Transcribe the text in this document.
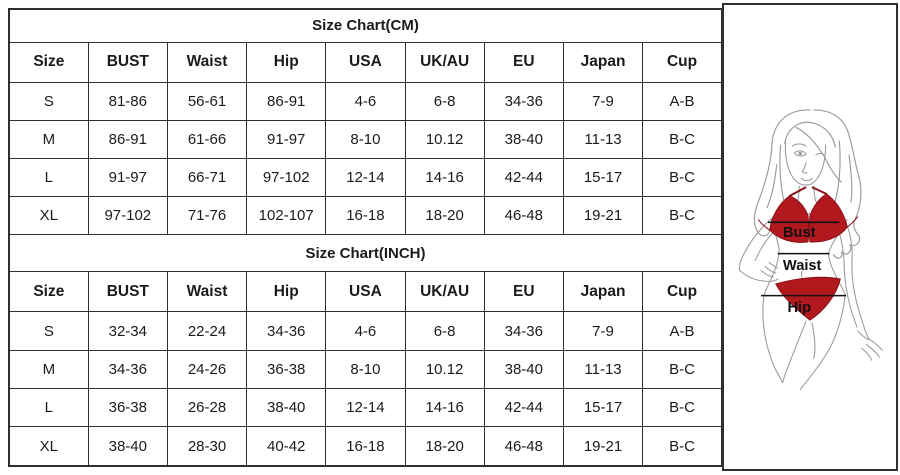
Size Chart(CM)								
Size	BUST	Waist	Hip	USA	UK/AU	EU	Japan	Cup
S	81-86	56-61	86-91	4-6	6-8	34-36	7-9	A-B
M	86-91	61-66	91-97	8-10	10.12	38-40	11-13	B-C
L	91-97	66-71	97-102	12-14	14-16	42-44	15-17	B-C
XL	97-102	71-76	102-107	16-18	18-20	46-48	19-21	B-C
Size Chart(INCH)								
Size	BUST	Waist	Hip	USA	UK/AU	EU	Japan	Cup
S	32-34	22-24	34-36	4-6	6-8	34-36	7-9	A-B
M	34-36	24-26	36-38	8-10	10.12	38-40	11-13	B-C
L	36-38	26-28	38-40	12-14	14-16	42-44	15-17	B-C
XL	38-40	28-30	40-42	16-18	18-20	46-48	19-21	B-C
Bust
Waist
Hip
